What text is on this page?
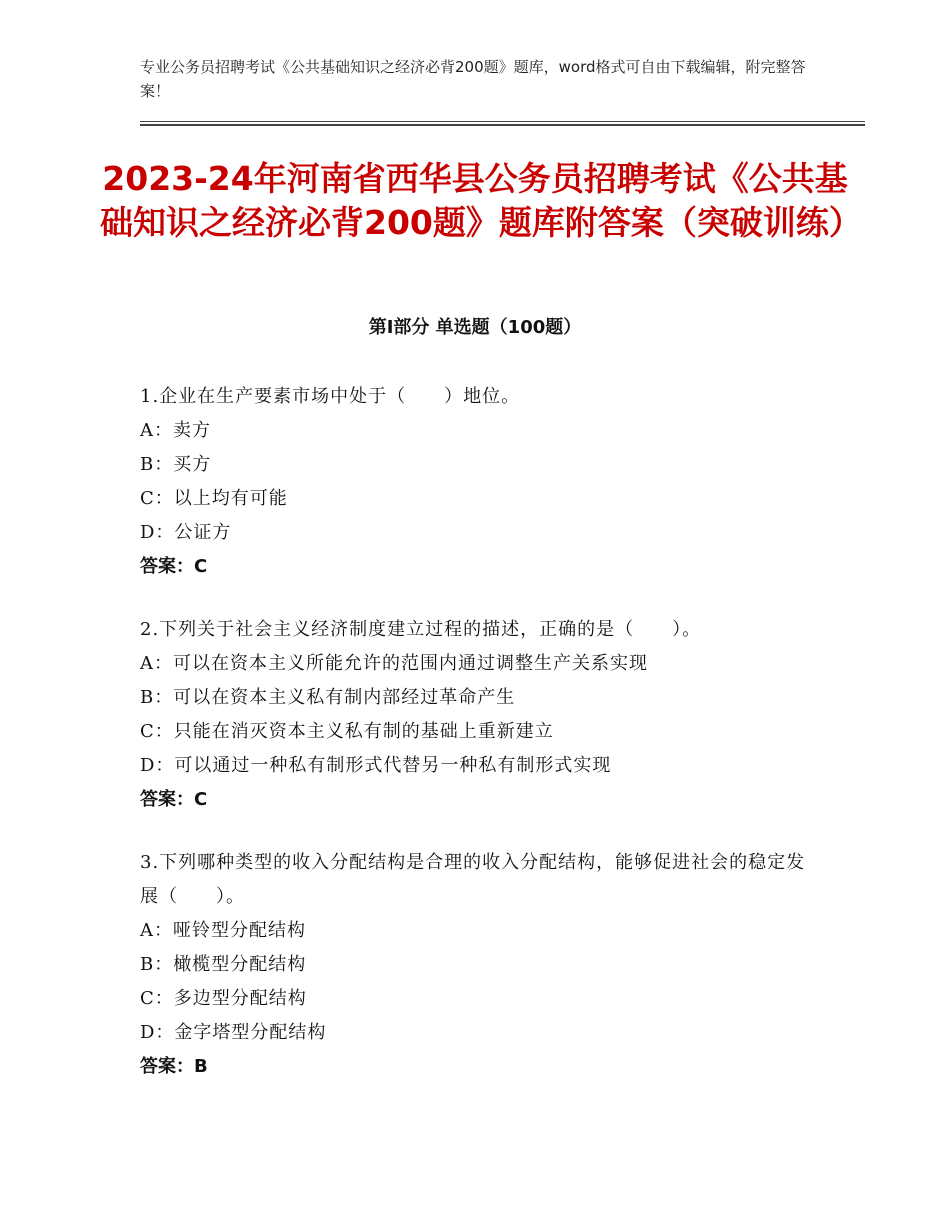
专业公务员招聘考试《公共基础知识之经济必背200题》题库，word格式可自由下载编辑，附完整答案！
2023-24年河南省西华县公务员招聘考试《公共基础知识之经济必背200题》题库附答案（突破训练）
第Ⅰ部分 单选题（100题）
1.企业在生产要素市场中处于（　　）地位。
A：卖方
B：买方
C：以上均有可能
D：公证方
答案：C
2.下列关于社会主义经济制度建立过程的描述，正确的是（　　）。
A：可以在资本主义所能允许的范围内通过调整生产关系实现
B：可以在资本主义私有制内部经过革命产生
C：只能在消灭资本主义私有制的基础上重新建立
D：可以通过一种私有制形式代替另一种私有制形式实现
答案：C
3.下列哪种类型的收入分配结构是合理的收入分配结构，能够促进社会的稳定发展（　　）。
A：哑铃型分配结构
B：橄榄型分配结构
C：多边型分配结构
D：金字塔型分配结构
答案：B
